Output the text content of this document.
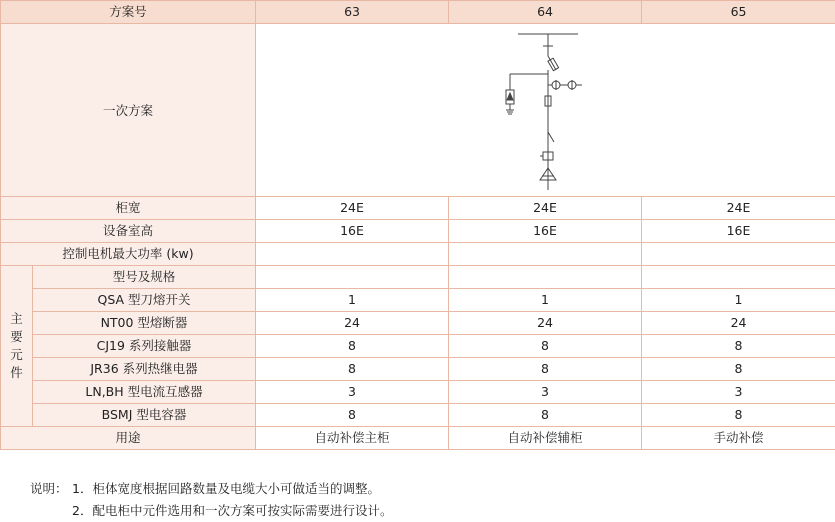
方案号		63	64	65
一次方案	

柜宽		24E	24E	24E
设备室高		16E	16E	16E
控制电机最大功率 (kw)				
主
要
元
件	型号及规格			
	QSA 型刀熔开关	1	1	1
	NT00 型熔断器	24	24	24
	CJ19 系列接触器	8	8	8
	JR36 系列热继电器	8	8	8
	LN,BH 型电流互感器	3	3	3
	BSMJ 型电容器	8	8	8
用途		自动补偿主柜	自动补偿辅柜	手动补偿
说明： 1．柜体宽度根据回路数量及电缆大小可做适当的调整。
2．配电柜中元件选用和一次方案可按实际需要进行设计。
